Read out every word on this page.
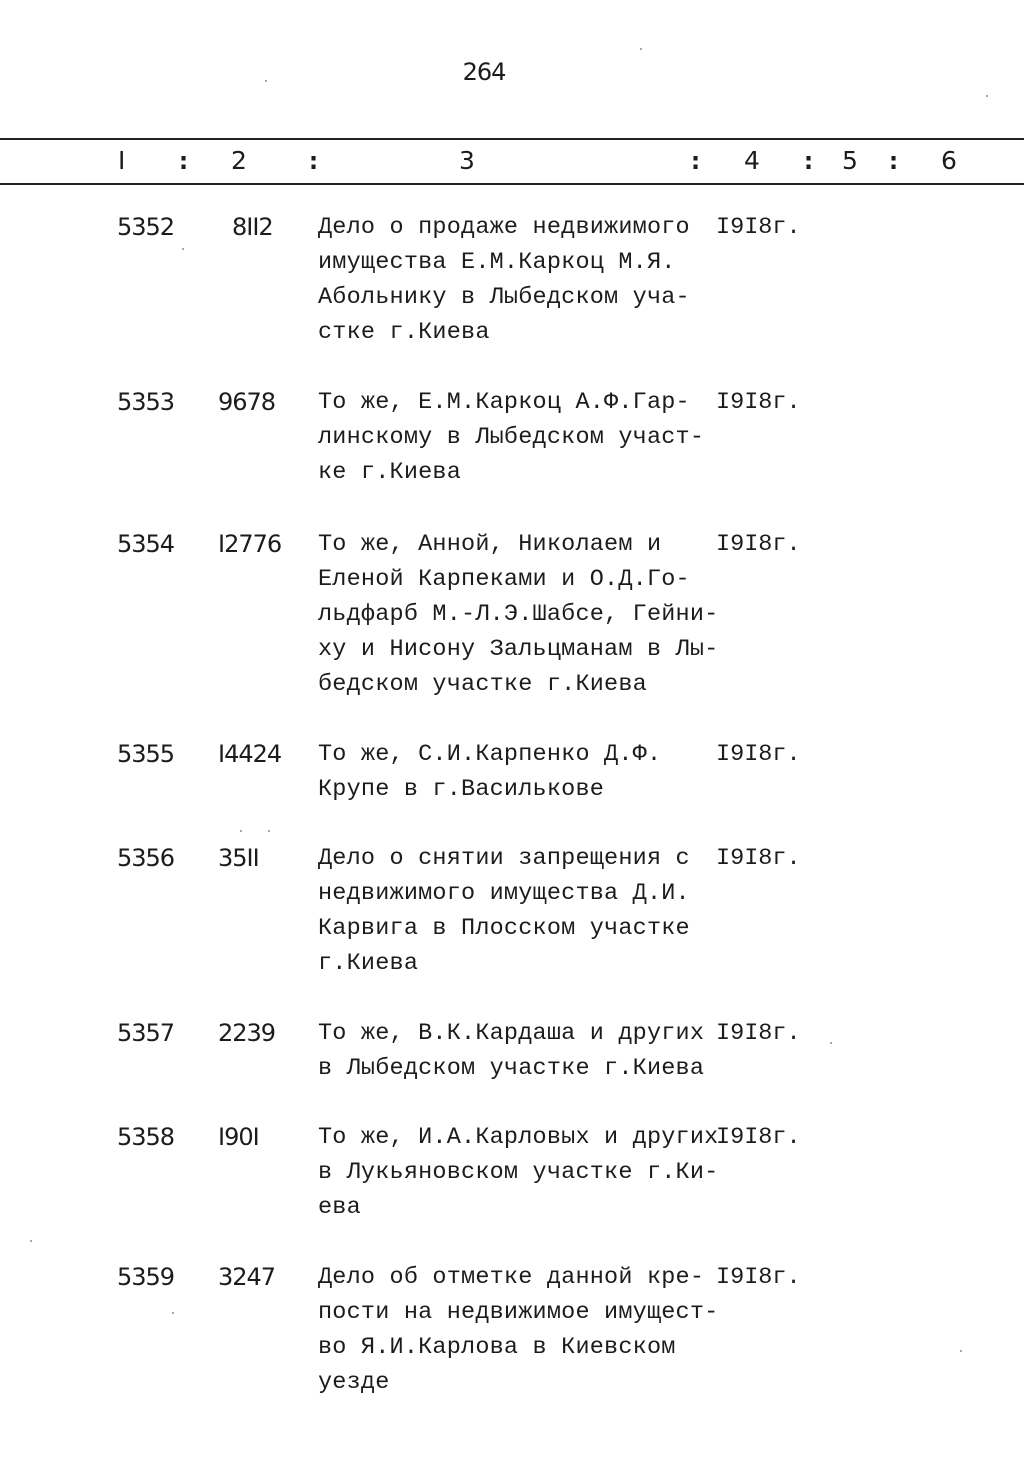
264
I : 2 :	3	: 4 : 5 : 6
5352 8II2 Дело о продаже недвижимого
имущества Е.М.Каркоц М.Я.
Абольнику в Лыбедском уча-
стке г.Киева
I9I8г.
5353 9678 То же, Е.М.Каркоц А.Ф.Гар-
линскому в Лыбедском участ-
ке г.Киева
I9I8г.
5354 I2776 То же, Анной, Николаем и
Еленой Карпеками и О.Д.Го-
льдфарб М.-Л.Э.Шабсе, Гейни-
ху и Нисону Зальцманам в Лы-
бедском участке г.Киева
I9I8г.
5355 I4424 То же, С.И.Карпенко Д.Ф.
Крупе в г.Василькове
I9I8г.
5356 35II	Дело о снятии запрещения с
недвижимого имущества Д.И.
Карвига в Плосском участке
г.Киева
I9I8г.
5357 2239 То же, В.К.Кардаша и других
в Лыбедском участке г.Киева
I9I8г.
5358 I90I	То же, И.А.Карловых и других
в Лукьяновском участке г.Ки-
ева
I9I8г.
5359 3247 Дело об отметке данной кре-
пости на недвижимое имущест-
во Я.И.Карлова в Киевском
уезде
I9I8г.
